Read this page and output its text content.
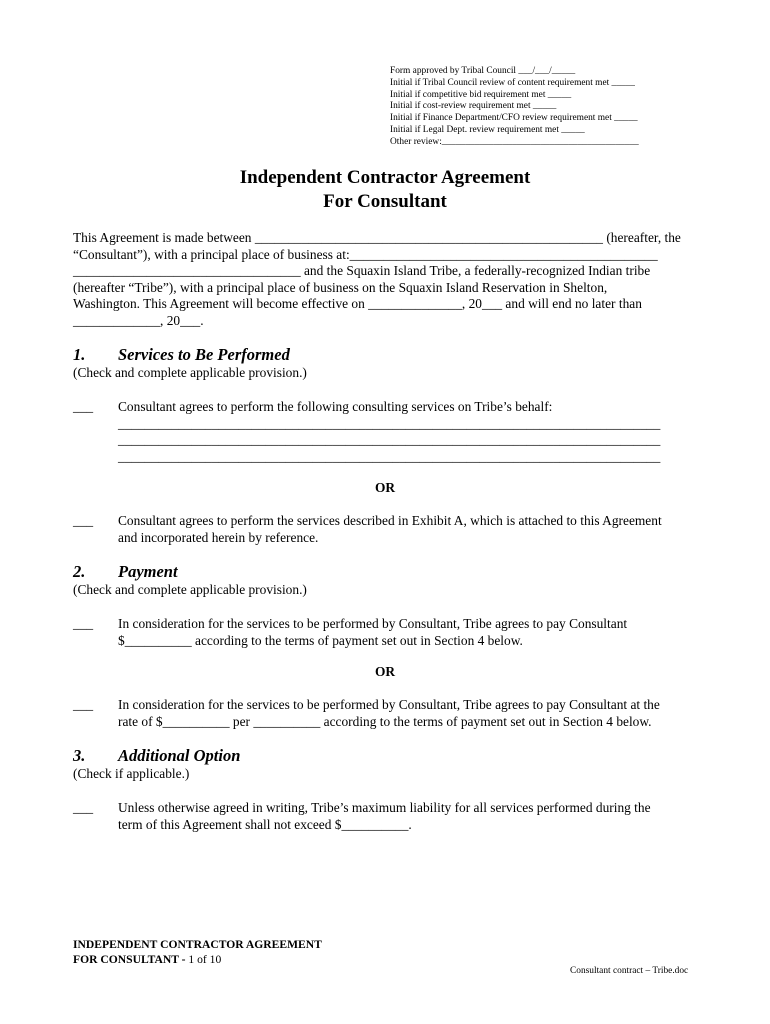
Form approved by Tribal Council ___/___/_____
Initial if Tribal Council review of content requirement met _____
Initial if competitive bid requirement met _____
Initial if cost-review requirement met _____
Initial if Finance Department/CFO review requirement met _____
Initial if Legal Dept. review requirement met _____
Other review:__________________________________________
Independent Contractor Agreement
For Consultant
This Agreement is made between ____________________________________________________ (hereafter, the
“Consultant”), with a principal place of business at:______________________________________________
__________________________________ and the Squaxin Island Tribe, a federally-recognized Indian tribe
(hereafter “Tribe”), with a principal place of business on the Squaxin Island Reservation in Shelton,
Washington. This Agreement will become effective on ______________, 20___ and will end no later than
_____________, 20___.
1. Services to Be Performed
(Check and complete applicable provision.)
___ Consultant agrees to perform the following consulting services on Tribe’s behalf:
_________________________________________________________________________________
_________________________________________________________________________________
_________________________________________________________________________________
OR
___ Consultant agrees to perform the services described in Exhibit A, which is attached to this Agreement
and incorporated herein by reference.
2. Payment
(Check and complete applicable provision.)
___ In consideration for the services to be performed by Consultant, Tribe agrees to pay Consultant
$__________ according to the terms of payment set out in Section 4 below.
OR
___ In consideration for the services to be performed by Consultant, Tribe agrees to pay Consultant at the
rate of $__________ per __________ according to the terms of payment set out in Section 4 below.
3. Additional Option
(Check if applicable.)
___ Unless otherwise agreed in writing, Tribe’s maximum liability for all services performed during the
term of this Agreement shall not exceed $__________.
INDEPENDENT CONTRACTOR AGREEMENT
FOR CONSULTANT - 1 of 10
Consultant contract – Tribe.doc
